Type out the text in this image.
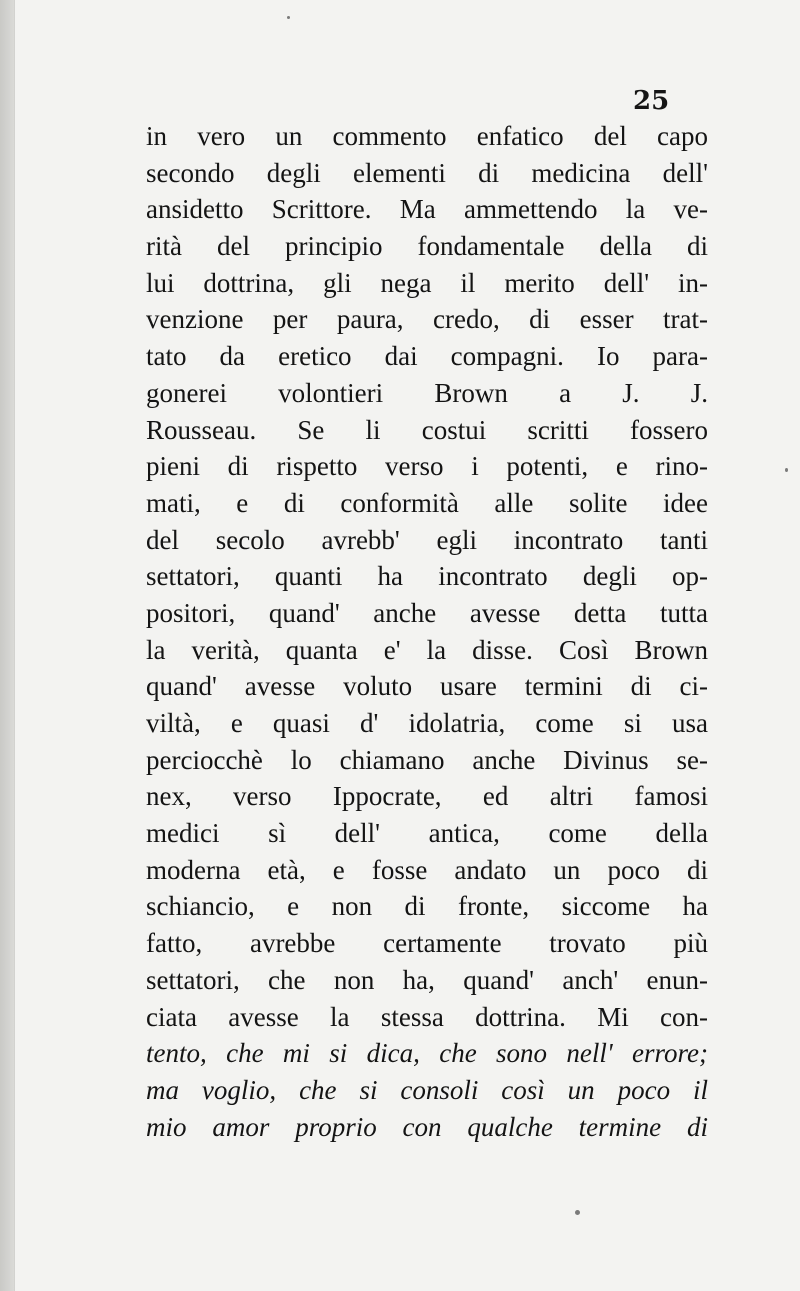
25
in vero un commento enfatico del capo
secondo degli elementi di medicina dell'
ansidetto Scrittore. Ma ammettendo la ve-
rità del principio fondamentale della di
lui dottrina, gli nega il merito dell' in-
venzione per paura, credo, di esser trat-
tato da eretico dai compagni. Io para-
gonerei volontieri Brown a J. J.
Rousseau. Se li costui scritti fossero
pieni di rispetto verso i potenti, e rino-
mati, e di conformità alle solite idee
del secolo avrebb' egli incontrato tanti
settatori, quanti ha incontrato degli op-
positori, quand' anche avesse detta tutta
la verità, quanta e' la disse. Così Brown
quand' avesse voluto usare termini di ci-
viltà, e quasi d' idolatria, come si usa
perciocchè lo chiamano anche Divinus se-
nex, verso Ippocrate, ed altri famosi
medici sì dell' antica, come della
moderna età, e fosse andato un poco di
schiancio, e non di fronte, siccome ha
fatto, avrebbe certamente trovato più
settatori, che non ha, quand' anch' enun-
ciata avesse la stessa dottrina. Mi con-
tento, che mi si dica, che sono nell' errore;
ma voglio, che si consoli così un poco il
mio amor proprio con qualche termine di
